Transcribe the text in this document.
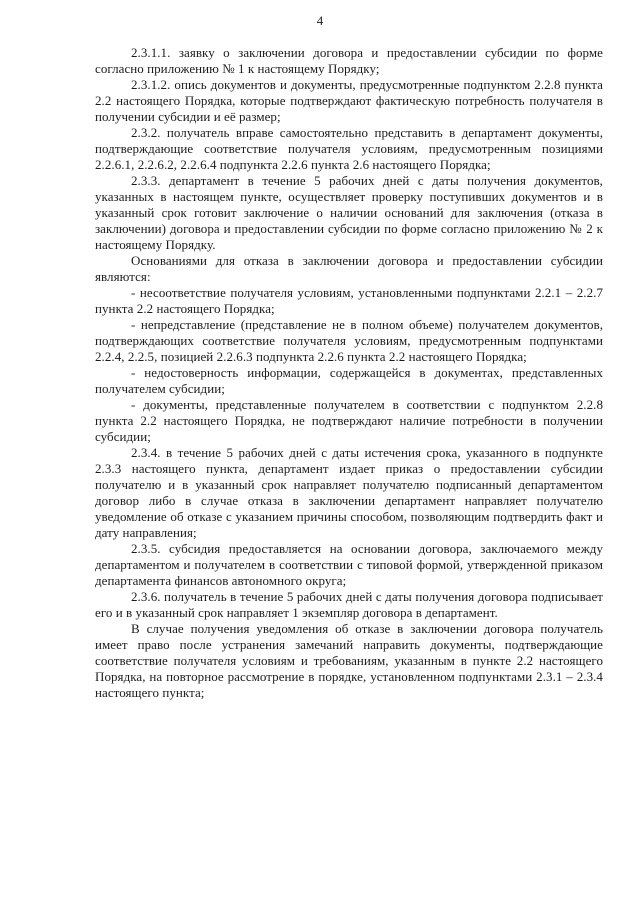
4

2.3.1.1. заявку о заключении договора и предоставлении субсидии по форме согласно приложению № 1 к настоящему Порядку;

2.3.1.2. опись документов и документы, предусмотренные подпунктом 2.2.8 пункта 2.2 настоящего Порядка, которые подтверждают фактическую потребность получателя в получении субсидии и её размер;

2.3.2. получатель вправе самостоятельно представить в департамент документы, подтверждающие соответствие получателя условиям, предусмотренным позициями 2.2.6.1, 2.2.6.2, 2.2.6.4 подпункта 2.2.6 пункта 2.6 настоящего Порядка;

2.3.3. департамент в течение 5 рабочих дней с даты получения документов, указанных в настоящем пункте, осуществляет проверку поступивших документов и в указанный срок готовит заключение о наличии оснований для заключения (отказа в заключении) договора и предоставлении субсидии по форме согласно приложению № 2 к настоящему Порядку.

Основаниями для отказа в заключении договора и предоставлении субсидии являются:

- несоответствие получателя условиям, установленными подпунктами 2.2.1 – 2.2.7 пункта 2.2 настоящего Порядка;

- непредставление (представление не в полном объеме) получателем документов, подтверждающих соответствие получателя условиям, предусмотренным подпунктами 2.2.4, 2.2.5, позицией 2.2.6.3 подпункта 2.2.6 пункта 2.2 настоящего Порядка;

- недостоверность информации, содержащейся в документах, представленных получателем субсидии;

- документы, представленные получателем в соответствии с подпунктом 2.2.8 пункта 2.2 настоящего Порядка, не подтверждают наличие потребности в получении субсидии;

2.3.4. в течение 5 рабочих дней с даты истечения срока, указанного в подпункте 2.3.3 настоящего пункта, департамент издает приказ о предоставлении субсидии получателю и в указанный срок направляет получателю подписанный департаментом договор либо в случае отказа в заключении департамент направляет получателю уведомление об отказе с указанием причины способом, позволяющим подтвердить факт и дату направления;

2.3.5. субсидия предоставляется на основании договора, заключаемого между департаментом и получателем в соответствии с типовой формой, утвержденной приказом департамента финансов автономного округа;

2.3.6. получатель в течение 5 рабочих дней с даты получения договора подписывает его и в указанный срок направляет 1 экземпляр договора в департамент.

В случае получения уведомления об отказе в заключении договора получатель имеет право после устранения замечаний направить документы, подтверждающие соответствие получателя условиям и требованиям, указанным в пункте 2.2 настоящего Порядка, на повторное рассмотрение в порядке, установленном подпунктами 2.3.1 – 2.3.4 настоящего пункта;
